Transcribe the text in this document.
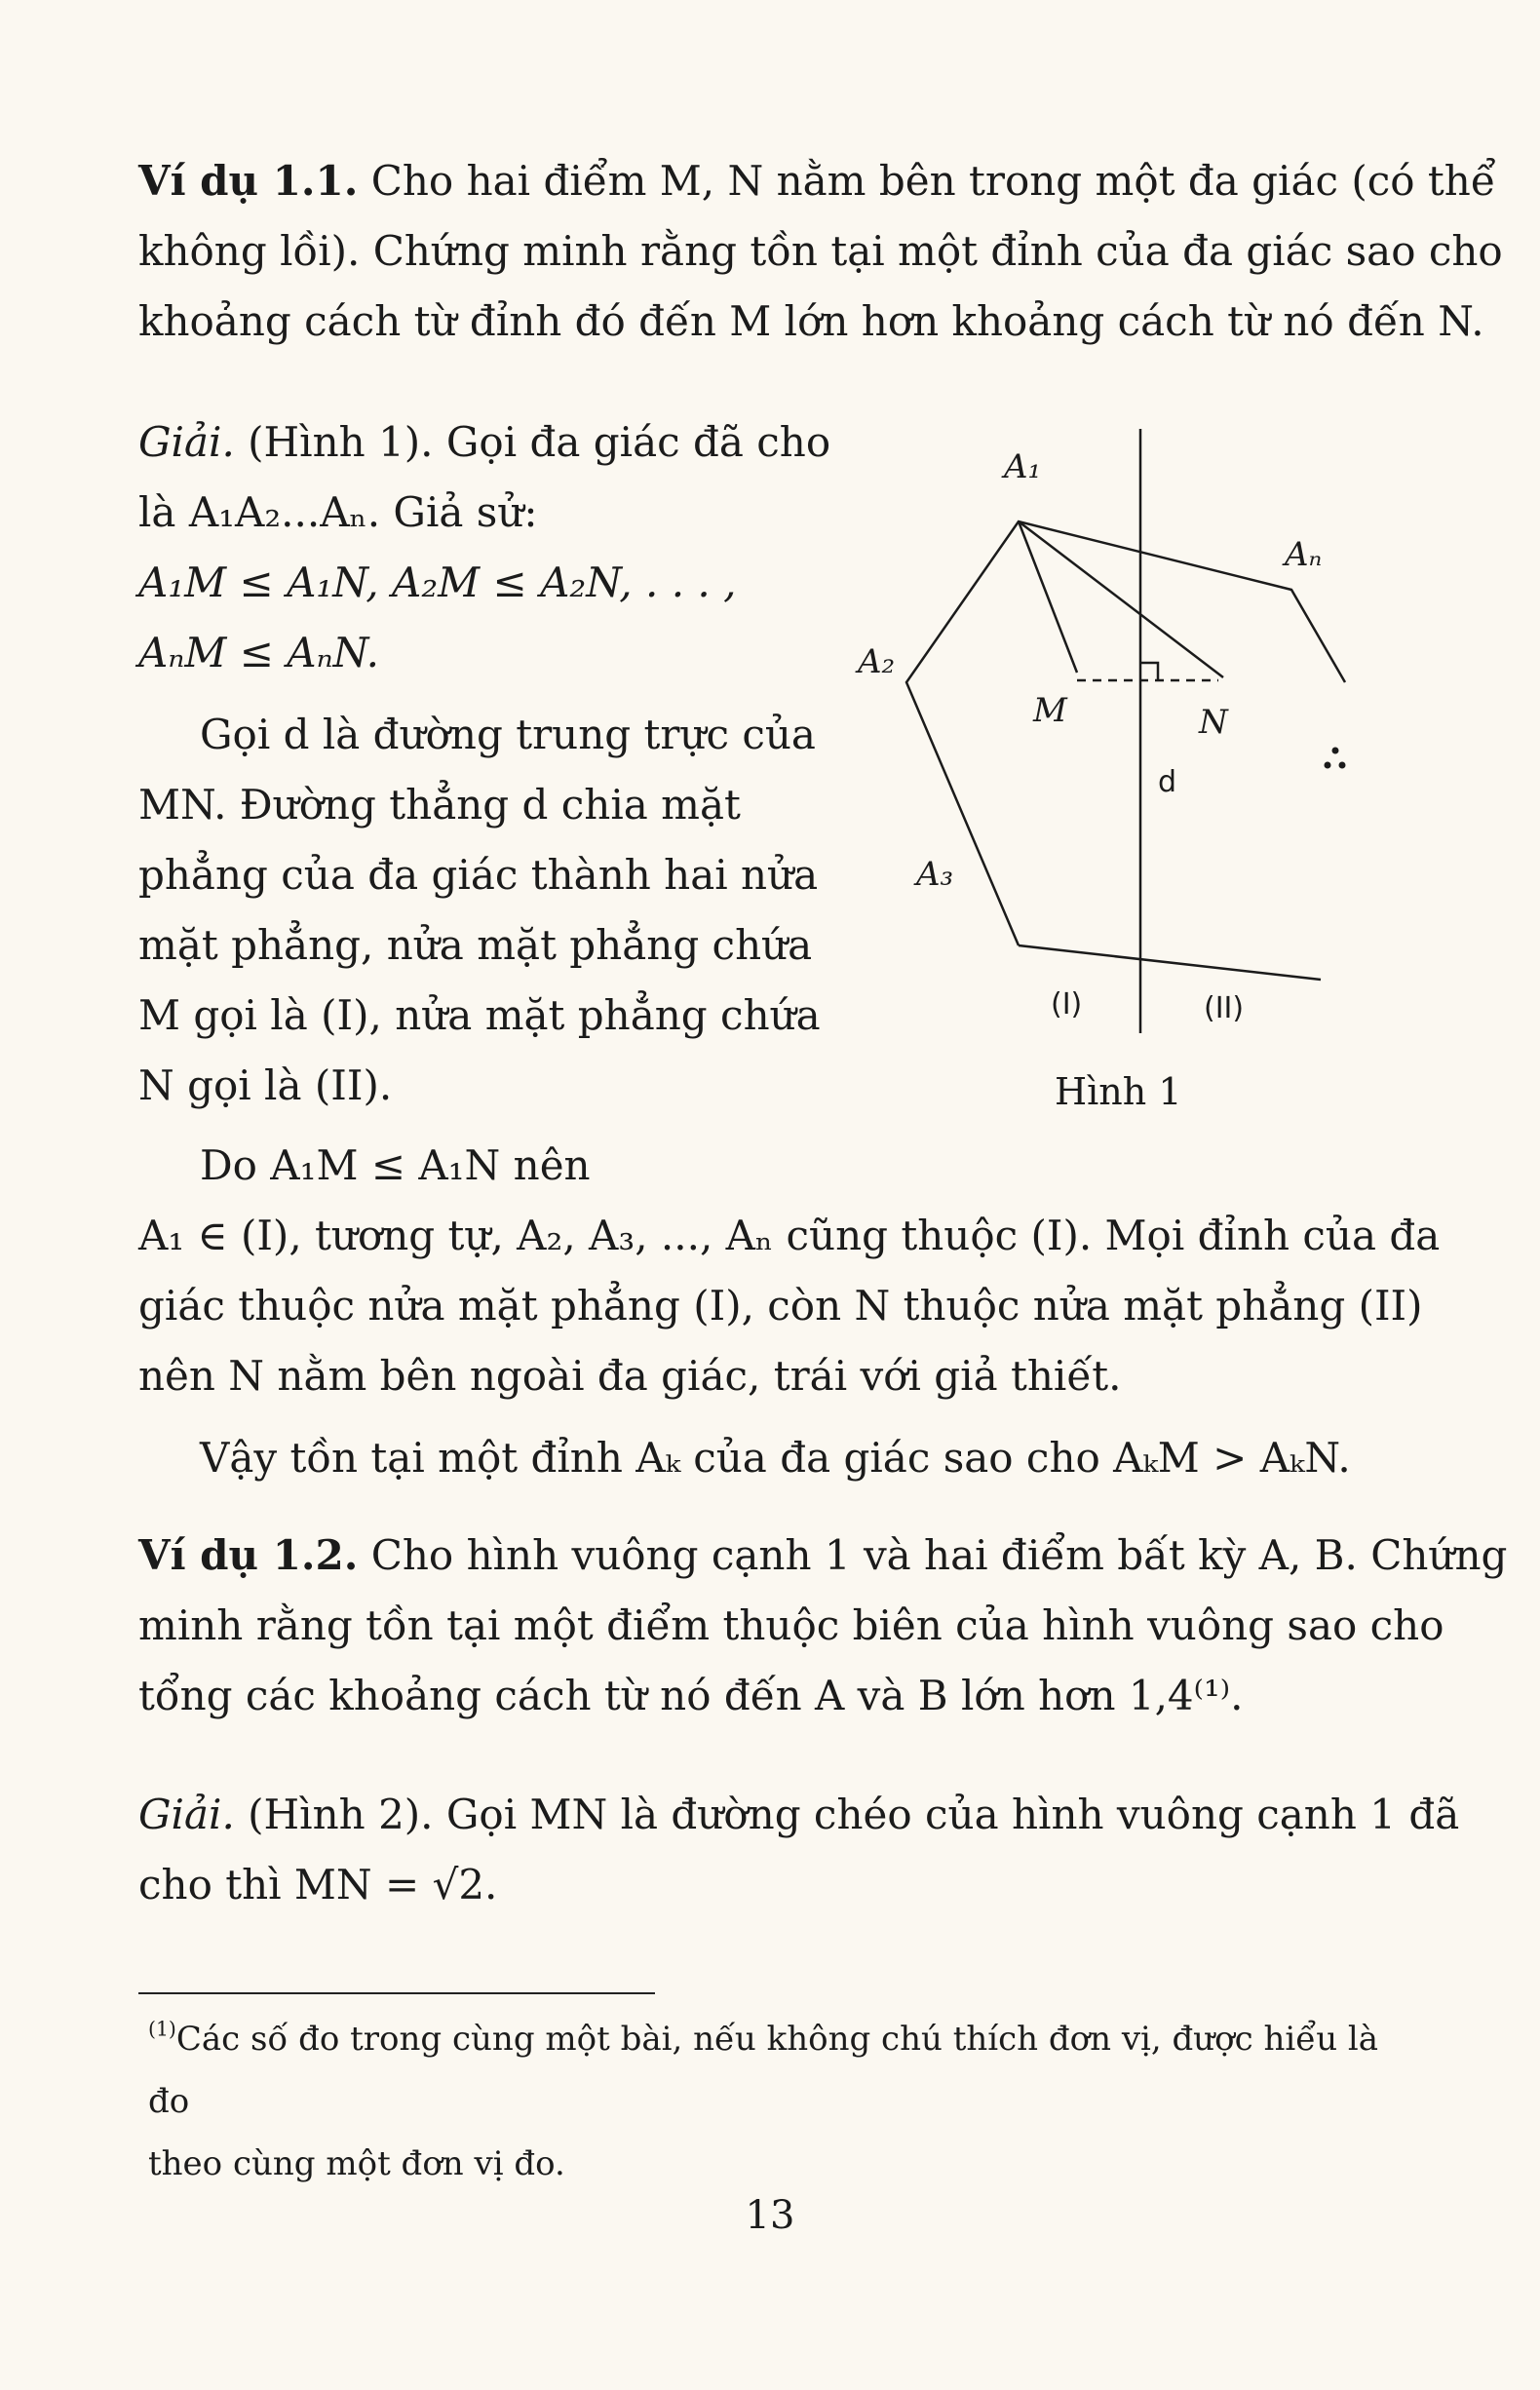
Ví dụ 1.1. Cho hai điểm M, N nằm bên trong một đa giác (có thể

không lồi). Chứng minh rằng tồn tại một đỉnh của đa giác sao cho

khoảng cách từ đỉnh đó đến M lớn hơn khoảng cách từ nó đến N.

Giải. (Hình 1). Gọi đa giác đã cho

là A₁A₂...Aₙ. Giả sử:

A₁M ≤ A₁N, A₂M ≤ A₂N, . . . ,

AₙM ≤ AₙN.

Gọi d là đường trung trực của

MN. Đường thẳng d chia mặt

phẳng của đa giác thành hai nửa

mặt phẳng, nửa mặt phẳng chứa

M gọi là (I), nửa mặt phẳng chứa

N gọi là (II).

Do A₁M ≤ A₁N nên

A₁ ∈ (I), tương tự, A₂, A₃, ..., Aₙ cũng thuộc (I). Mọi đỉnh của đa

giác thuộc nửa mặt phẳng (I), còn N thuộc nửa mặt phẳng (II)

nên N nằm bên ngoài đa giác, trái với giả thiết.

Vậy tồn tại một đỉnh Aₖ của đa giác sao cho AₖM > AₖN.

A₁
Aₙ
A₂
A₃
M	N
d
(I)	(II)
Hình 1

Ví dụ 1.2. Cho hình vuông cạnh 1 và hai điểm bất kỳ A, B. Chứng

minh rằng tồn tại một điểm thuộc biên của hình vuông sao cho

tổng các khoảng cách từ nó đến A và B lớn hơn 1,4⁽¹⁾.

Giải. (Hình 2). Gọi MN là đường chéo của hình vuông cạnh 1 đã

cho thì MN = √2.

$^{(1)}$Các số đo trong cùng một bài, nếu không chú thích đơn vị, được hiểu là đo
theo cùng một đơn vị đo.
13
